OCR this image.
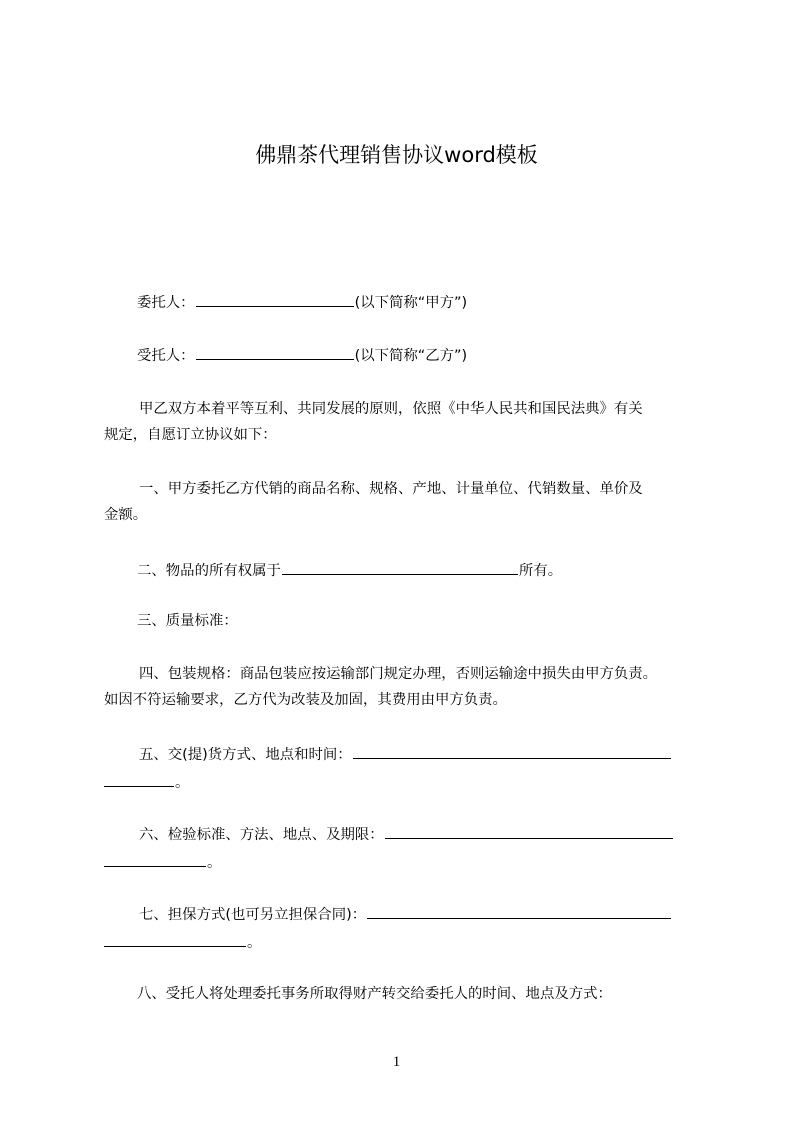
佛鼎茶代理销售协议word模板
委托人：	(以下简称“甲方”)
受托人：	(以下简称“乙方”)
甲乙双方本着平等互利、共同发展的原则，依照《中华人民共和国民法典》有关
规定，自愿订立协议如下：
一、甲方委托乙方代销的商品名称、规格、产地、计量单位、代销数量、单价及
金额。
二、物品的所有权属于	所有。
三、质量标准：
四、包装规格：商品包装应按运输部门规定办理，否则运输途中损失由甲方负责。
如因不符运输要求，乙方代为改装及加固，其费用由甲方负责。
五、交(提)货方式、地点和时间：
。
六、检验标准、方法、地点、及期限：
。
七、担保方式(也可另立担保合同)：
。
八、受托人将处理委托事务所取得财产转交给委托人的时间、地点及方式：
1
